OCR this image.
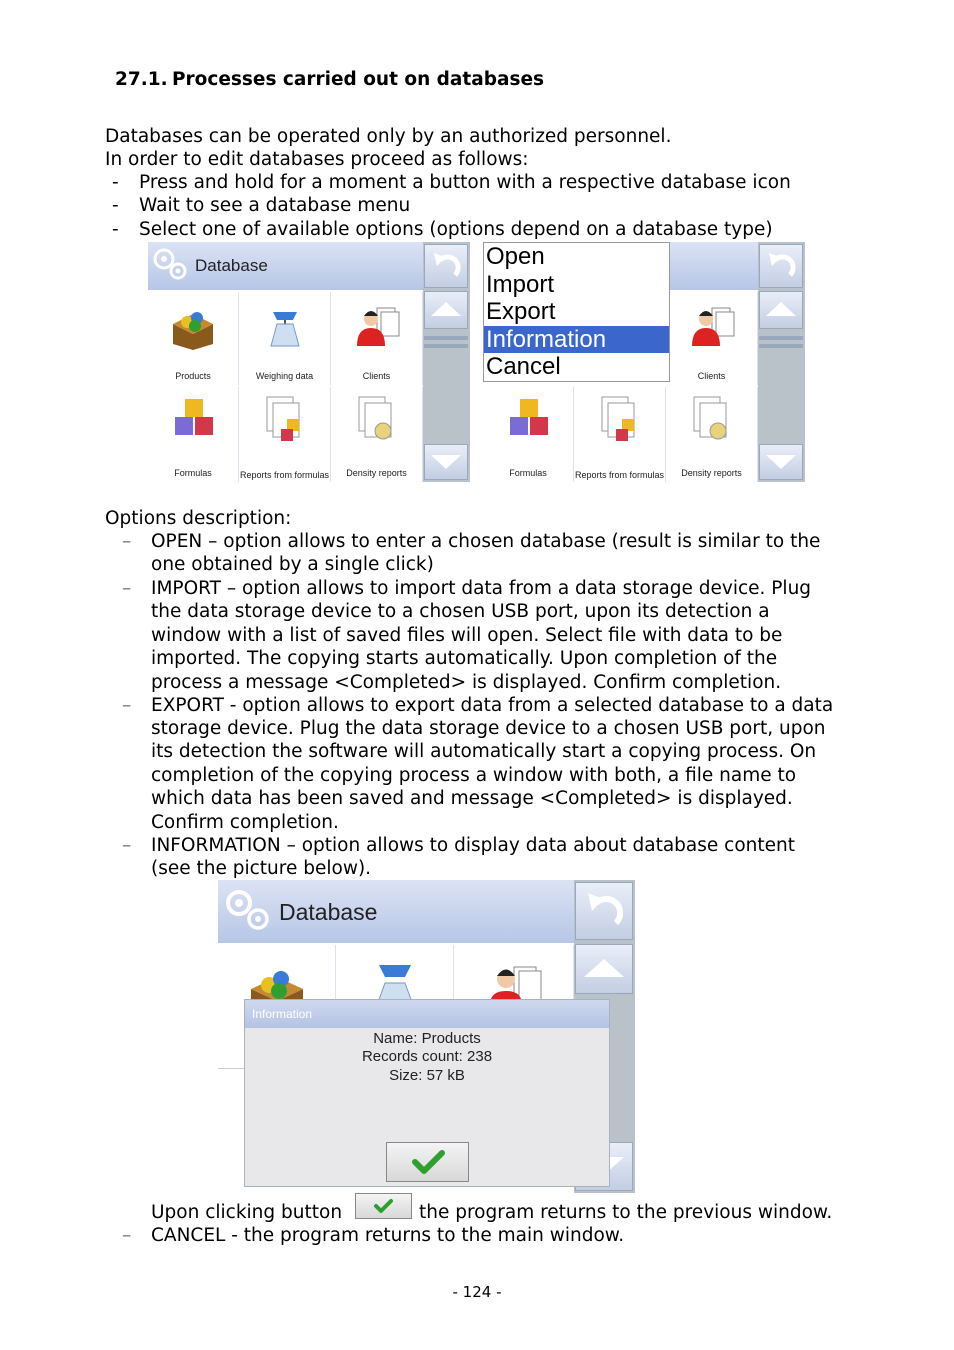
27.1. Processes carried out on databases
Databases can be operated only by an authorized personnel.
In order to edit databases proceed as follows:
- Press and hold for a moment a button with a respective database icon
- Wait to see a database menu
- Select one of available options (options depend on a database type)
Database
Products	Weighing data	Clients
Formulas	Reports from formulas	Density reports
Clients
Formulas	Reports from formulas	Density reports
Open
Import
Export
Information
Cancel
Options description:
– OPEN – option allows to enter a chosen database (result is similar to the
one obtained by a single click)
– IMPORT – option allows to import data from a data storage device. Plug
the data storage device to a chosen USB port, upon its detection a
window with a list of saved files will open. Select file with data to be
imported. The copying starts automatically. Upon completion of the
process a message <Completed> is displayed. Confirm completion.
– EXPORT - option allows to export data from a selected database to a data
storage device. Plug the data storage device to a chosen USB port, upon
its detection the software will automatically start a copying process. On
completion of the copying process a window with both, a file name to
which data has been saved and message <Completed> is displayed.
Confirm completion.
– INFORMATION – option allows to display data about database content
(see the picture below).
Database
Information
Name: Products
Records count: 238
Size: 57 kB
Upon clicking button	the program returns to the previous window.
– CANCEL - the program returns to the main window.
- 124 -
